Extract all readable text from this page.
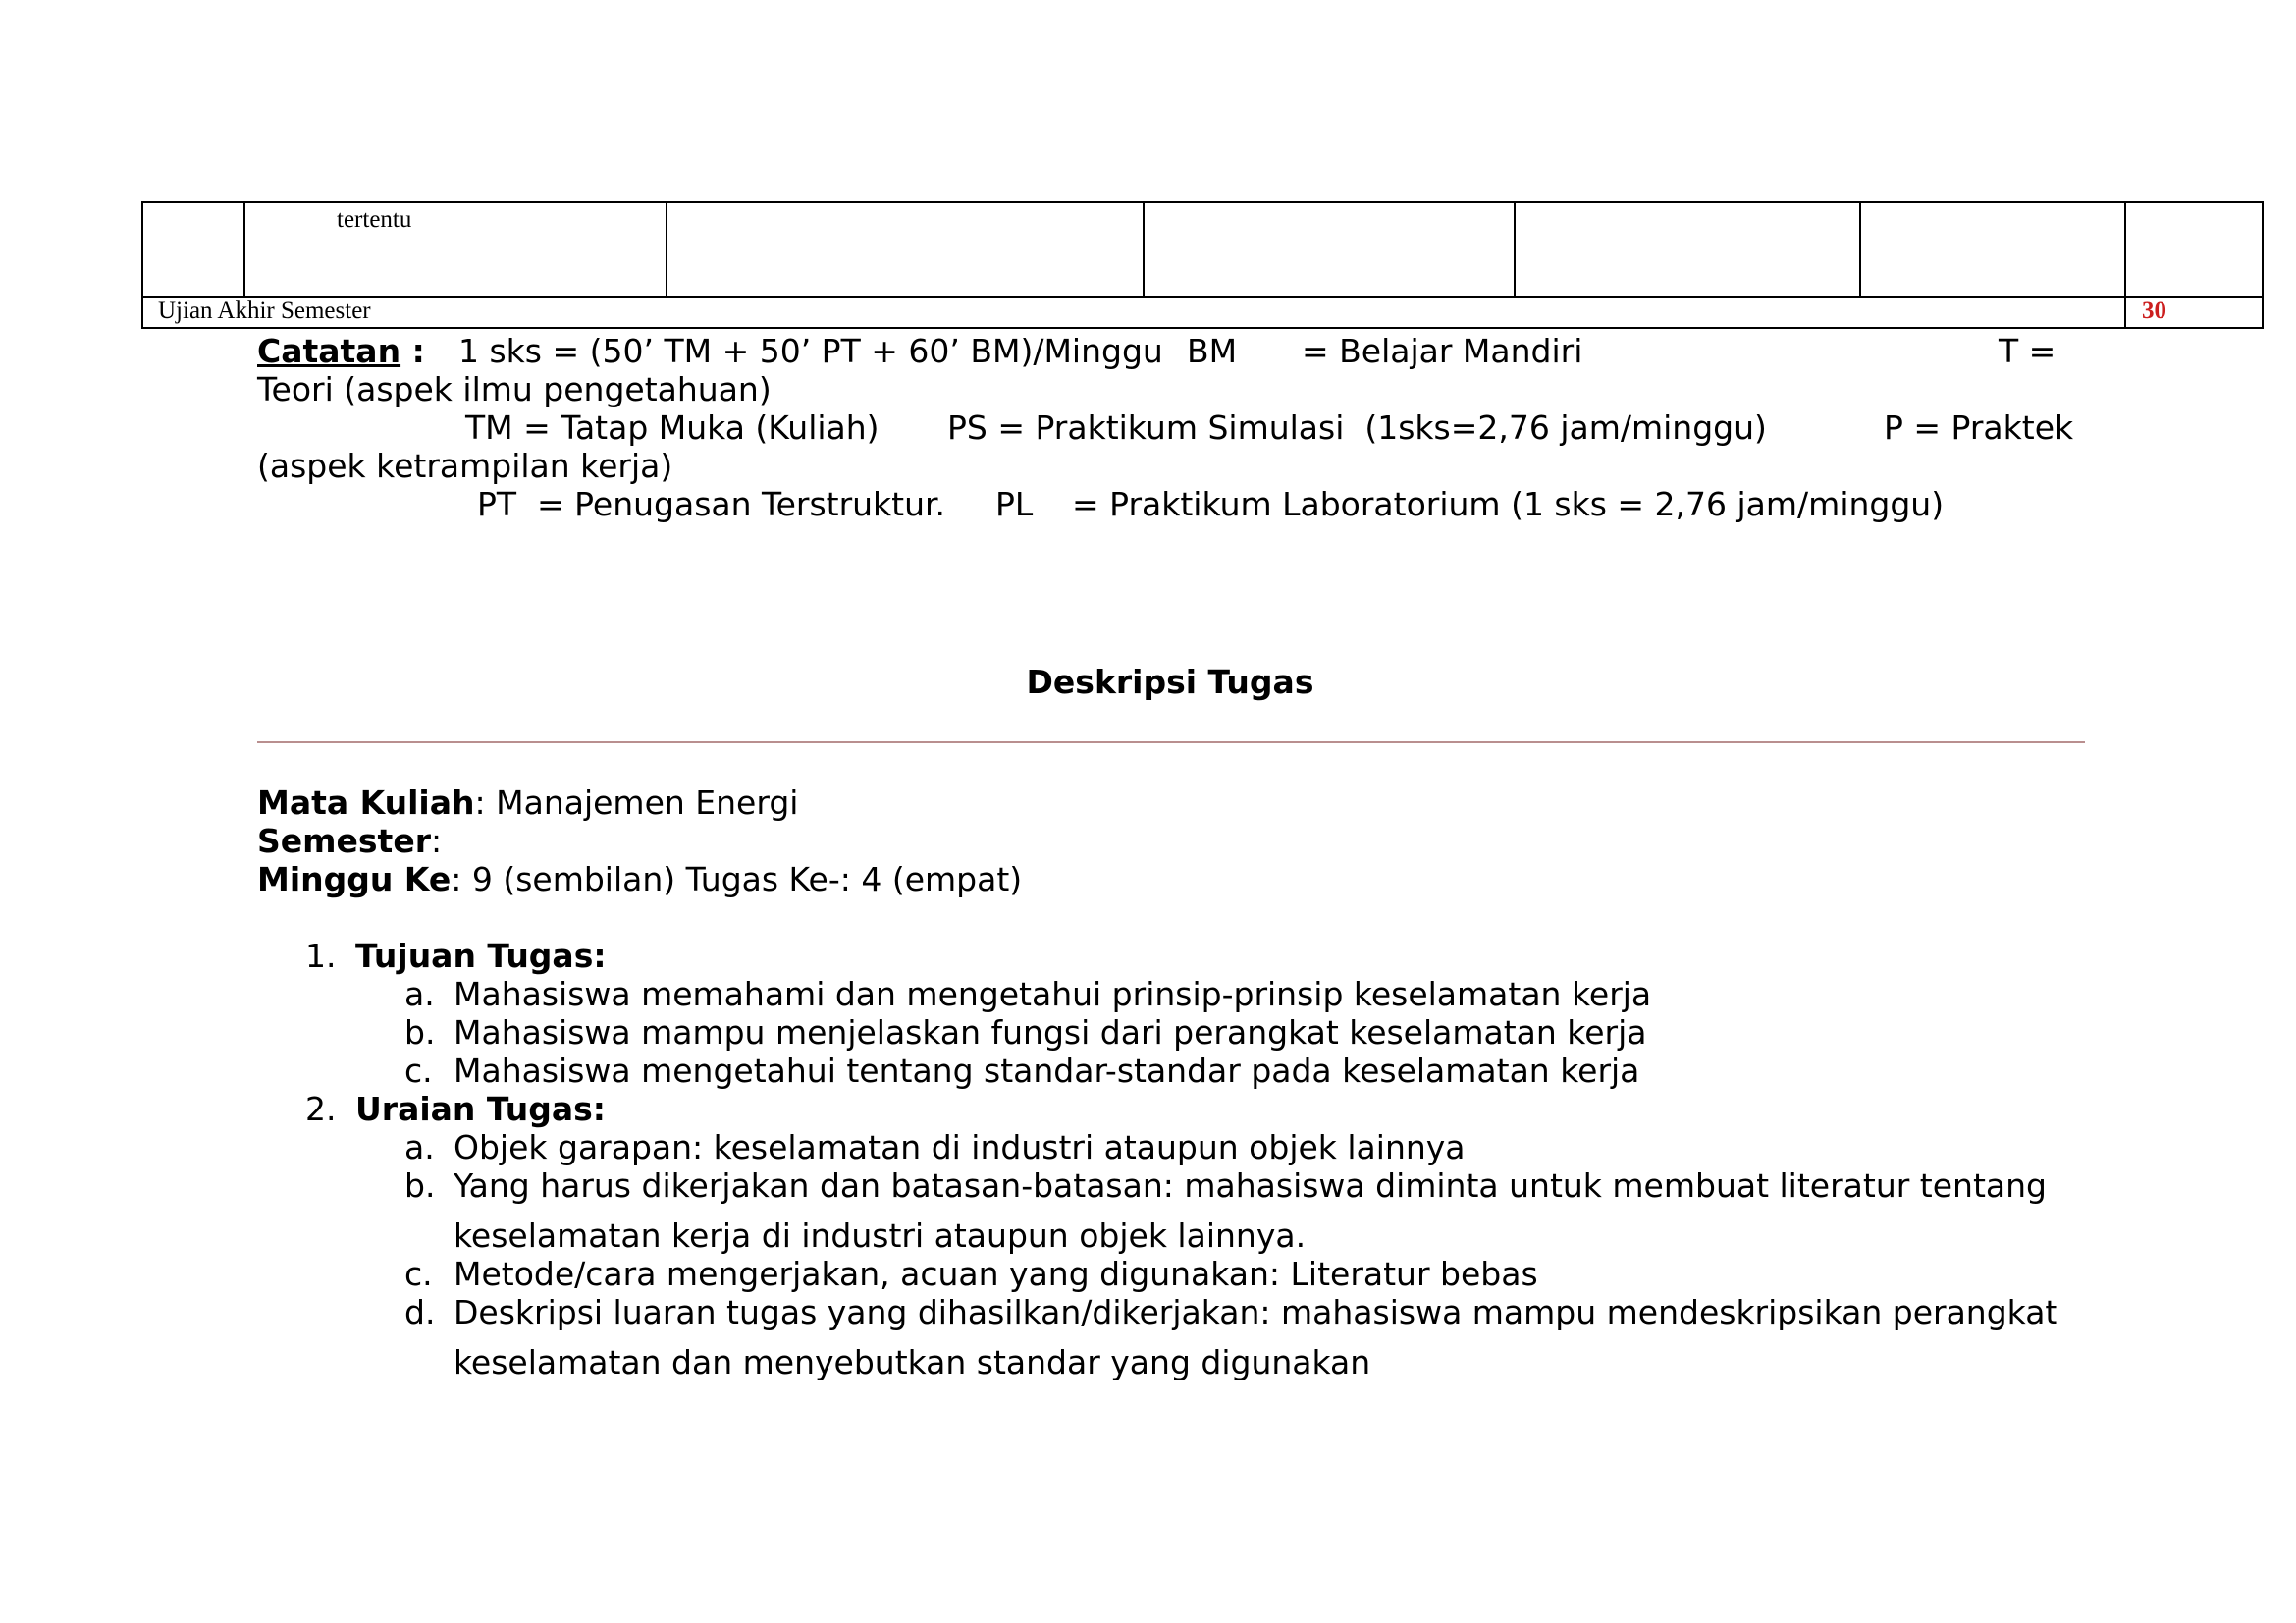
	tertentu					

Ujian Akhir Semester						30
Catatan : 1 sks = (50’ TM + 50’ PT + 60’ BM)/Minggu BM = Belajar Mandiri	T =
Teori (aspek ilmu pengetahuan)
TM = Tatap Muka (Kuliah) PS = Praktikum Simulasi  (1sks=2,76 jam/minggu)	P = Praktek
(aspek ketrampilan kerja)
PT  = Penugasan Terstruktur. PL = Praktikum Laboratorium (1 sks = 2,76 jam/minggu)
Deskripsi Tugas
Mata Kuliah: Manajemen Energi
Semester:
Minggu Ke: 9 (sembilan) Tugas Ke-: 4 (empat)
1. Tujuan Tugas:
a. Mahasiswa memahami dan mengetahui prinsip-prinsip keselamatan kerja
b. Mahasiswa mampu menjelaskan fungsi dari perangkat keselamatan kerja
c. Mahasiswa mengetahui tentang standar-standar pada keselamatan kerja
2. Uraian Tugas:
a. Objek garapan: keselamatan di industri ataupun objek lainnya
b. Yang harus dikerjakan dan batasan-batasan: mahasiswa diminta untuk membuat literatur tentang
keselamatan kerja di industri ataupun objek lainnya.
c. Metode/cara mengerjakan, acuan yang digunakan: Literatur bebas
d. Deskripsi luaran tugas yang dihasilkan/dikerjakan: mahasiswa mampu mendeskripsikan perangkat
keselamatan dan menyebutkan standar yang digunakan
